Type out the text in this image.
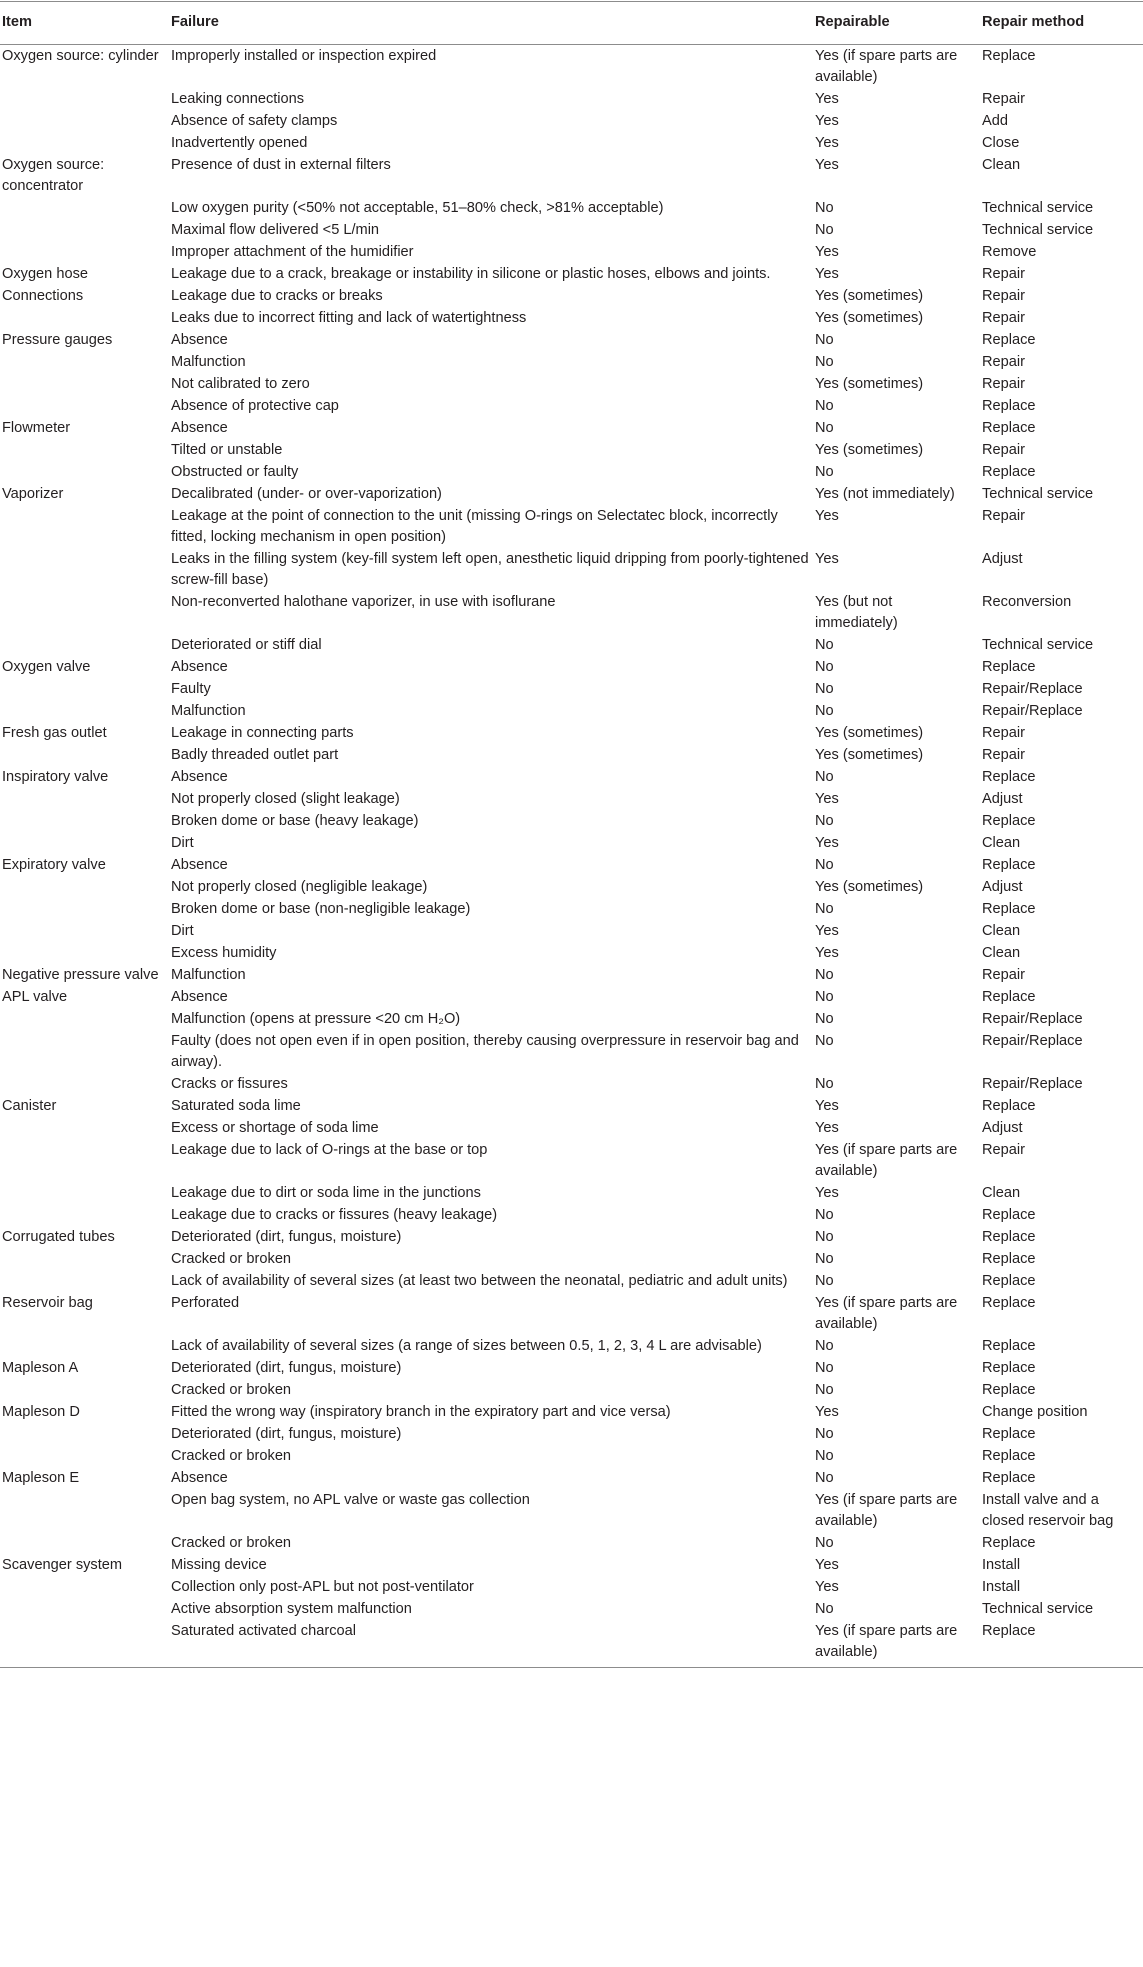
Item	Failure	Repairable	Repair method
Oxygen source: cylinder	Improperly installed or inspection expired	Yes (if spare parts are available)	Replace
	Leaking connections	Yes	Repair
	Absence of safety clamps	Yes	Add
	Inadvertently opened	Yes	Close
Oxygen source: concentrator	Presence of dust in external filters	Yes	Clean
	Low oxygen purity (<50% not acceptable, 51–80% check, >81% acceptable)	No	Technical service
	Maximal flow delivered <5 L/min	No	Technical service
	Improper attachment of the humidifier	Yes	Remove
Oxygen hose	Leakage due to a crack, breakage or instability in silicone or plastic hoses, elbows and joints.	Yes	Repair
Connections	Leakage due to cracks or breaks	Yes (sometimes)	Repair
	Leaks due to incorrect fitting and lack of watertightness	Yes (sometimes)	Repair
Pressure gauges	Absence	No	Replace
	Malfunction	No	Repair
	Not calibrated to zero	Yes (sometimes)	Repair
	Absence of protective cap	No	Replace
Flowmeter	Absence	No	Replace
	Tilted or unstable	Yes (sometimes)	Repair
	Obstructed or faulty	No	Replace
Vaporizer	Decalibrated (under- or over-vaporization)	Yes (not immediately)	Technical service
	Leakage at the point of connection to the unit (missing O-rings on Selectatec block, incorrectly fitted, locking mechanism in open position)	Yes	Repair
	Leaks in the filling system (key-fill system left open, anesthetic liquid dripping from poorly-tightened screw-fill base)	Yes	Adjust
	Non-reconverted halothane vaporizer, in use with isoflurane	Yes (but not immediately)	Reconversion
	Deteriorated or stiff dial	No	Technical service
Oxygen valve	Absence	No	Replace
	Faulty	No	Repair/Replace
	Malfunction	No	Repair/Replace
Fresh gas outlet	Leakage in connecting parts	Yes (sometimes)	Repair
	Badly threaded outlet part	Yes (sometimes)	Repair
Inspiratory valve	Absence	No	Replace
	Not properly closed (slight leakage)	Yes	Adjust
	Broken dome or base (heavy leakage)	No	Replace
	Dirt	Yes	Clean
Expiratory valve	Absence	No	Replace
	Not properly closed (negligible leakage)	Yes (sometimes)	Adjust
	Broken dome or base (non-negligible leakage)	No	Replace
	Dirt	Yes	Clean
	Excess humidity	Yes	Clean
Negative pressure valve	Malfunction	No	Repair
APL valve	Absence	No	Replace
	Malfunction (opens at pressure <20 cm H₂O)	No	Repair/Replace
	Faulty (does not open even if in open position, thereby causing overpressure in reservoir bag and airway).	No	Repair/Replace
	Cracks or fissures	No	Repair/Replace
Canister	Saturated soda lime	Yes	Replace
	Excess or shortage of soda lime	Yes	Adjust
	Leakage due to lack of O-rings at the base or top	Yes (if spare parts are available)	Repair
	Leakage due to dirt or soda lime in the junctions	Yes	Clean
	Leakage due to cracks or fissures (heavy leakage)	No	Replace
Corrugated tubes	Deteriorated (dirt, fungus, moisture)	No	Replace
	Cracked or broken	No	Replace
	Lack of availability of several sizes (at least two between the neonatal, pediatric and adult units)	No	Replace
Reservoir bag	Perforated	Yes (if spare parts are available)	Replace
	Lack of availability of several sizes (a range of sizes between 0.5, 1, 2, 3, 4 L are advisable)	No	Replace
Mapleson A	Deteriorated (dirt, fungus, moisture)	No	Replace
	Cracked or broken	No	Replace
Mapleson D	Fitted the wrong way (inspiratory branch in the expiratory part and vice versa)	Yes	Change position
	Deteriorated (dirt, fungus, moisture)	No	Replace
	Cracked or broken	No	Replace
Mapleson E	Absence	No	Replace
	Open bag system, no APL valve or waste gas collection	Yes (if spare parts are available)	Install valve and a closed reservoir bag
	Cracked or broken	No	Replace
Scavenger system	Missing device	Yes	Install
	Collection only post-APL but not post-ventilator	Yes	Install
	Active absorption system malfunction	No	Technical service
	Saturated activated charcoal	Yes (if spare parts are available)	Replace
